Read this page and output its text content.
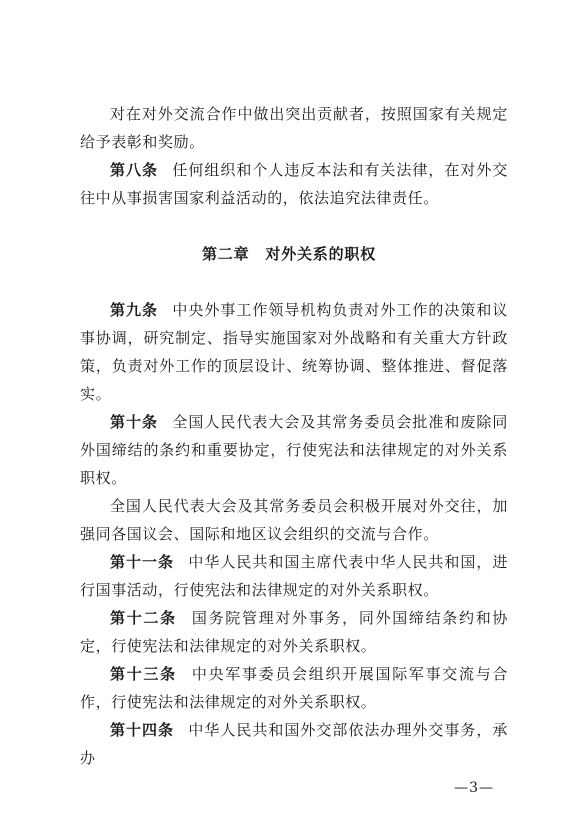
对在对外交流合作中做出突出贡献者，按照国家有关规定给予表彰和奖励。

第八条 任何组织和个人违反本法和有关法律，在对外交往中从事损害国家利益活动的，依法追究法律责任。

第二章 对外关系的职权

第九条 中央外事工作领导机构负责对外工作的决策和议事协调，研究制定、指导实施国家对外战略和有关重大方针政策，负责对外工作的顶层设计、统筹协调、整体推进、督促落实。

第十条 全国人民代表大会及其常务委员会批准和废除同外国缔结的条约和重要协定，行使宪法和法律规定的对外关系职权。

全国人民代表大会及其常务委员会积极开展对外交往，加强同各国议会、国际和地区议会组织的交流与合作。

第十一条 中华人民共和国主席代表中华人民共和国，进行国事活动，行使宪法和法律规定的对外关系职权。

第十二条 国务院管理对外事务，同外国缔结条约和协定，行使宪法和法律规定的对外关系职权。

第十三条 中央军事委员会组织开展国际军事交流与合作，行使宪法和法律规定的对外关系职权。

第十四条 中华人民共和国外交部依法办理外交事务，承办

—3—
